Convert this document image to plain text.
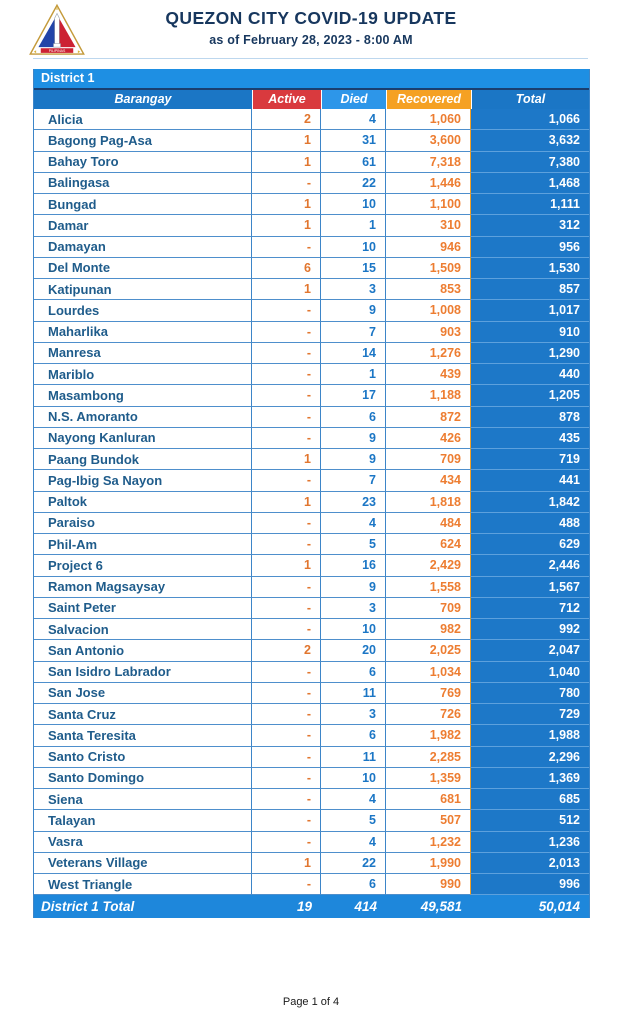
PILIPINAS
QUEZON CITY COVID-19 UPDATE
as of February 28, 2023 - 8:00 AM
District 1
Barangay	Active	Died	Recovered	Total
Alicia	2	4	1,060	1,066
Bagong Pag-Asa	1	31	3,600	3,632
Bahay Toro	1	61	7,318	7,380
Balingasa	-	22	1,446	1,468
Bungad	1	10	1,100	1,111
Damar	1	1	310	312
Damayan	-	10	946	956
Del Monte	6	15	1,509	1,530
Katipunan	1	3	853	857
Lourdes	-	9	1,008	1,017
Maharlika	-	7	903	910
Manresa	-	14	1,276	1,290
Mariblo	-	1	439	440
Masambong	-	17	1,188	1,205
N.S. Amoranto	-	6	872	878
Nayong Kanluran	-	9	426	435
Paang Bundok	1	9	709	719
Pag-Ibig Sa Nayon	-	7	434	441
Paltok	1	23	1,818	1,842
Paraiso	-	4	484	488
Phil-Am	-	5	624	629
Project 6	1	16	2,429	2,446
Ramon Magsaysay	-	9	1,558	1,567
Saint Peter	-	3	709	712
Salvacion	-	10	982	992
San Antonio	2	20	2,025	2,047
San Isidro Labrador	-	6	1,034	1,040
San Jose	-	11	769	780
Santa Cruz	-	3	726	729
Santa Teresita	-	6	1,982	1,988
Santo Cristo	-	11	2,285	2,296
Santo Domingo	-	10	1,359	1,369
Siena	-	4	681	685
Talayan	-	5	507	512
Vasra	-	4	1,232	1,236
Veterans Village	1	22	1,990	2,013
West Triangle	-	6	990	996
District 1 Total	19	414	49,581	50,014
Page 1 of 4
